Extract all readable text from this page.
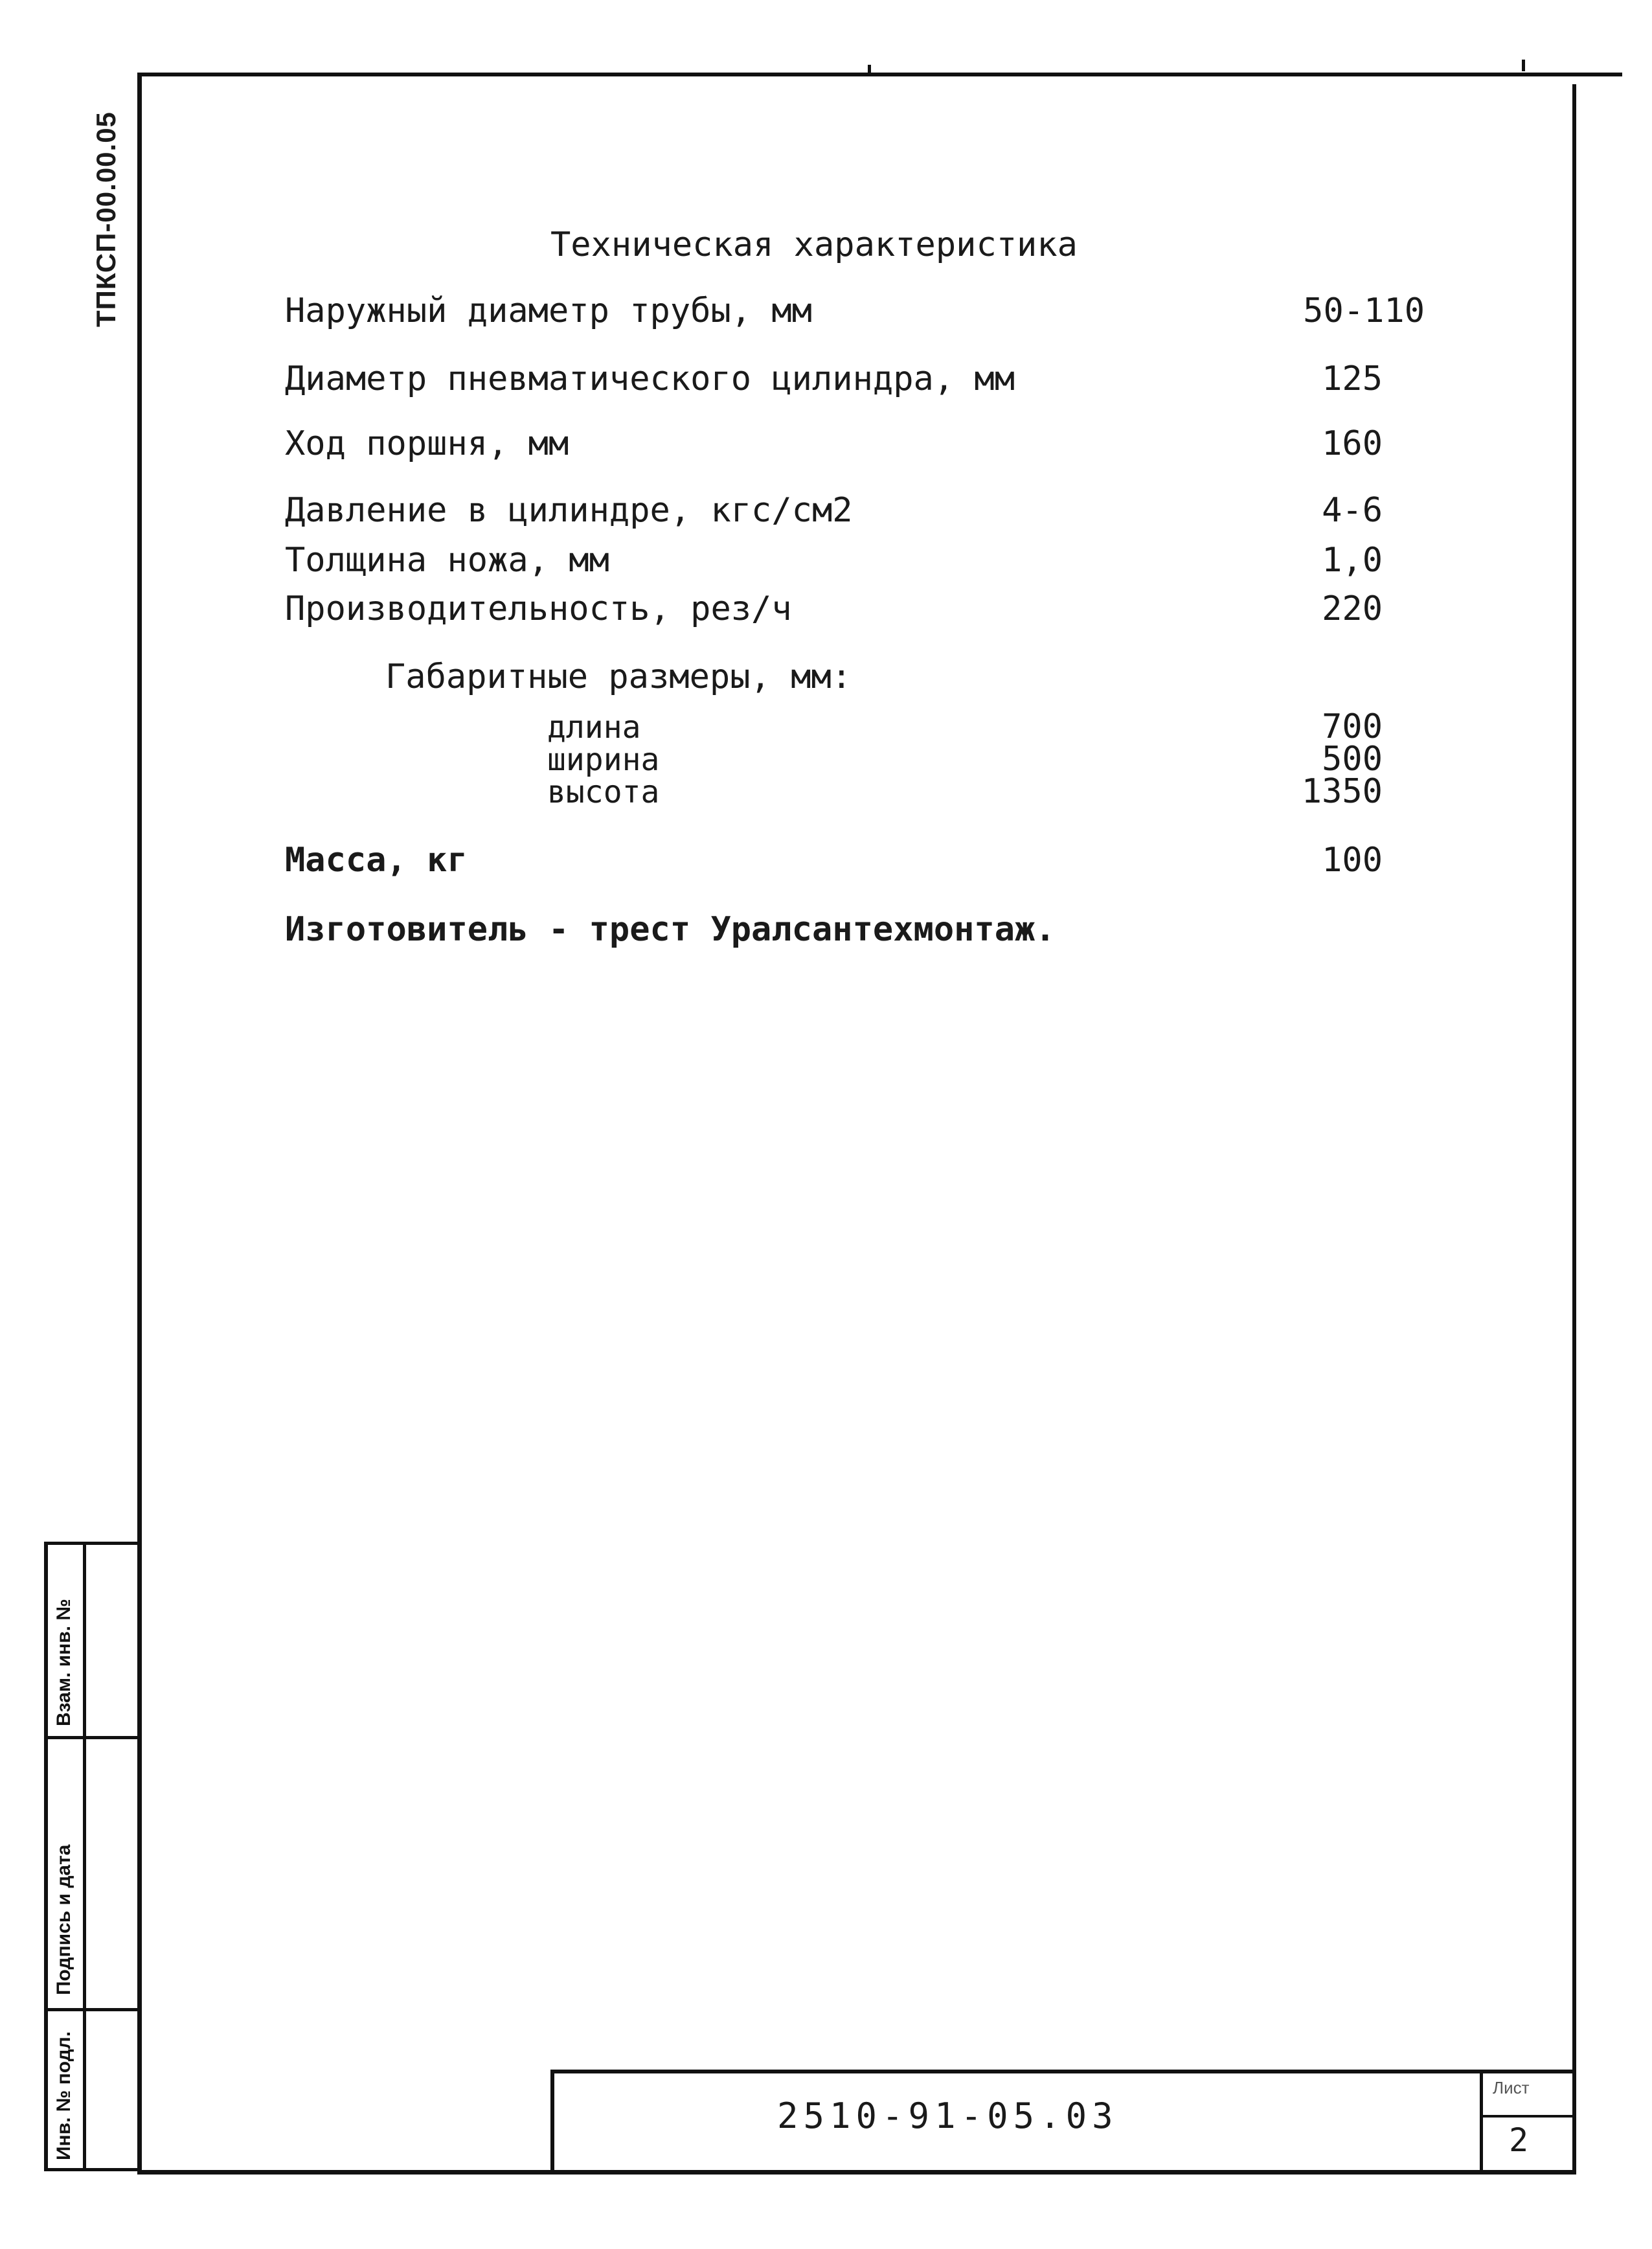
ТПКСП-00.00.05
Взам. инв. №
Подпись и дата
Инв. № подл.
Техническая характеристика
Наружный диаметр трубы, мм	50-110
Диаметр пневматического цилиндра, мм	125
Ход поршня, мм	160
Давление в цилиндре, кгс/см2	4-6
Толщина ножа, мм	1,0
Производительность, рез/ч	220
Габаритные размеры, мм:
длина	700
ширина	500
высота	1350
Масса, кг	100
Изготовитель - трест Уралсантехмонтаж.
2510-91-05.03
Лист
2
